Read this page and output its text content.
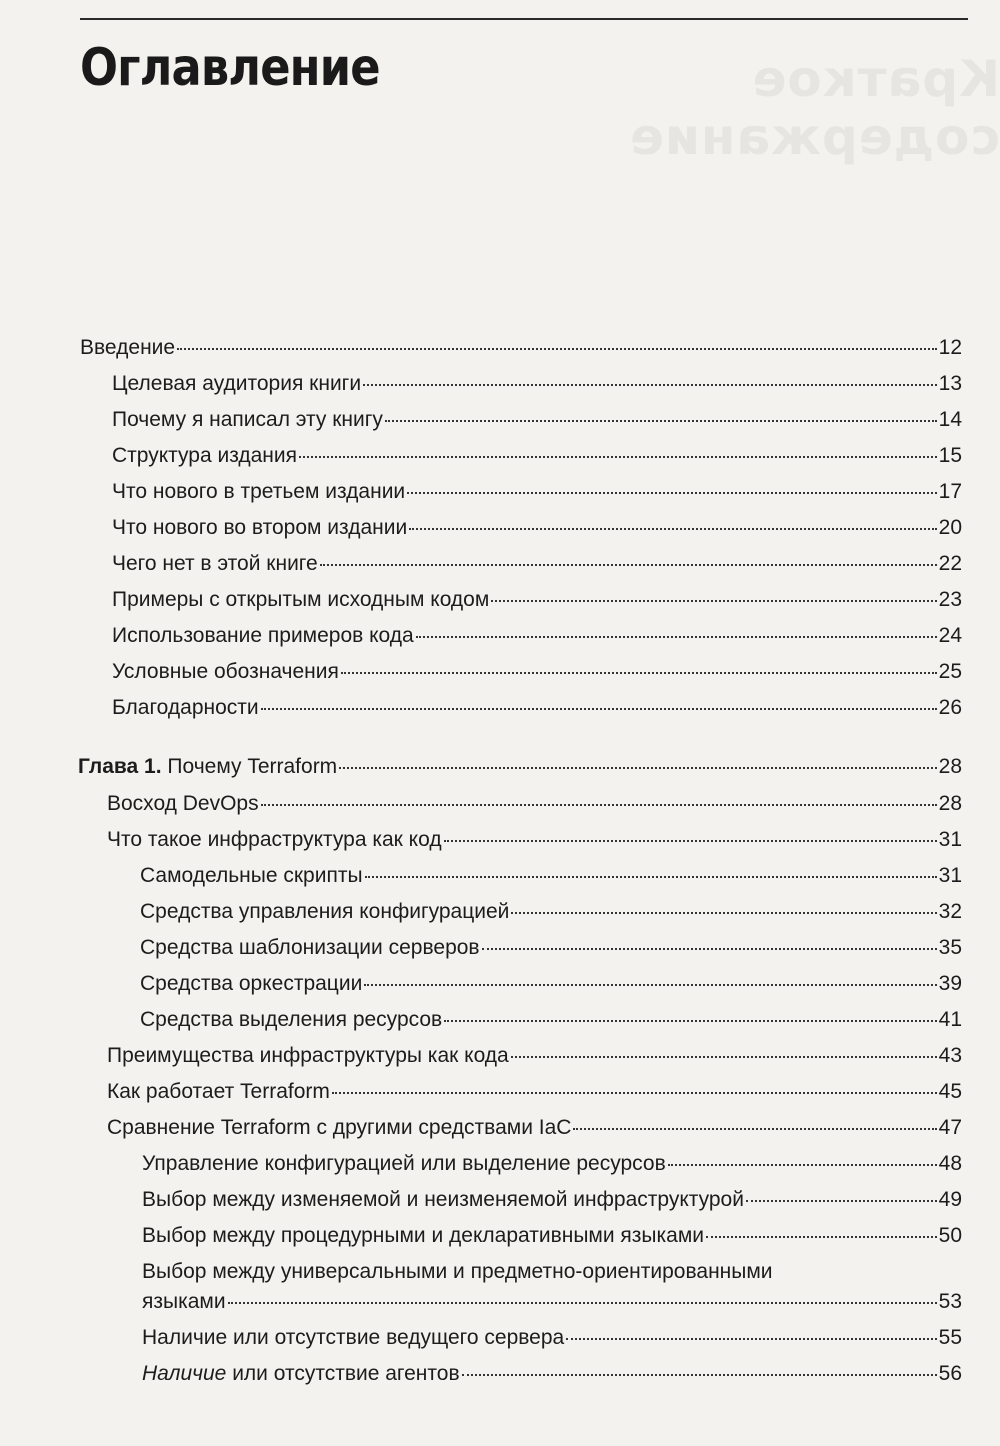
Краткое содержание
Оглавление
Введение	12
Целевая аудитория книги	13
Почему я написал эту книгу	14
Структура издания	15
Что нового в третьем издании	17
Что нового во втором издании	20
Чего нет в этой книге	22
Примеры с открытым исходным кодом	23
Использование примеров кода	24
Условные обозначения	25
Благодарности	26
Глава 1. Почему Terraform	28
Восход DevOps	28
Что такое инфраструктура как код	31
Самодельные скрипты	31
Средства управления конфигурацией	32
Средства шаблонизации серверов	35
Средства оркестрации	39
Средства выделения ресурсов	41
Преимущества инфраструктуры как кода	43
Как работает Terraform	45
Сравнение Terraform с другими средствами IaC	47
Управление конфигурацией или выделение ресурсов	48
Выбор между изменяемой и неизменяемой инфраструктурой	49
Выбор между процедурными и декларативными языками	50
Выбор между универсальными и предметно-ориентированными
языками	53
Наличие или отсутствие ведущего сервера	55
Наличие или отсутствие агентов	56
